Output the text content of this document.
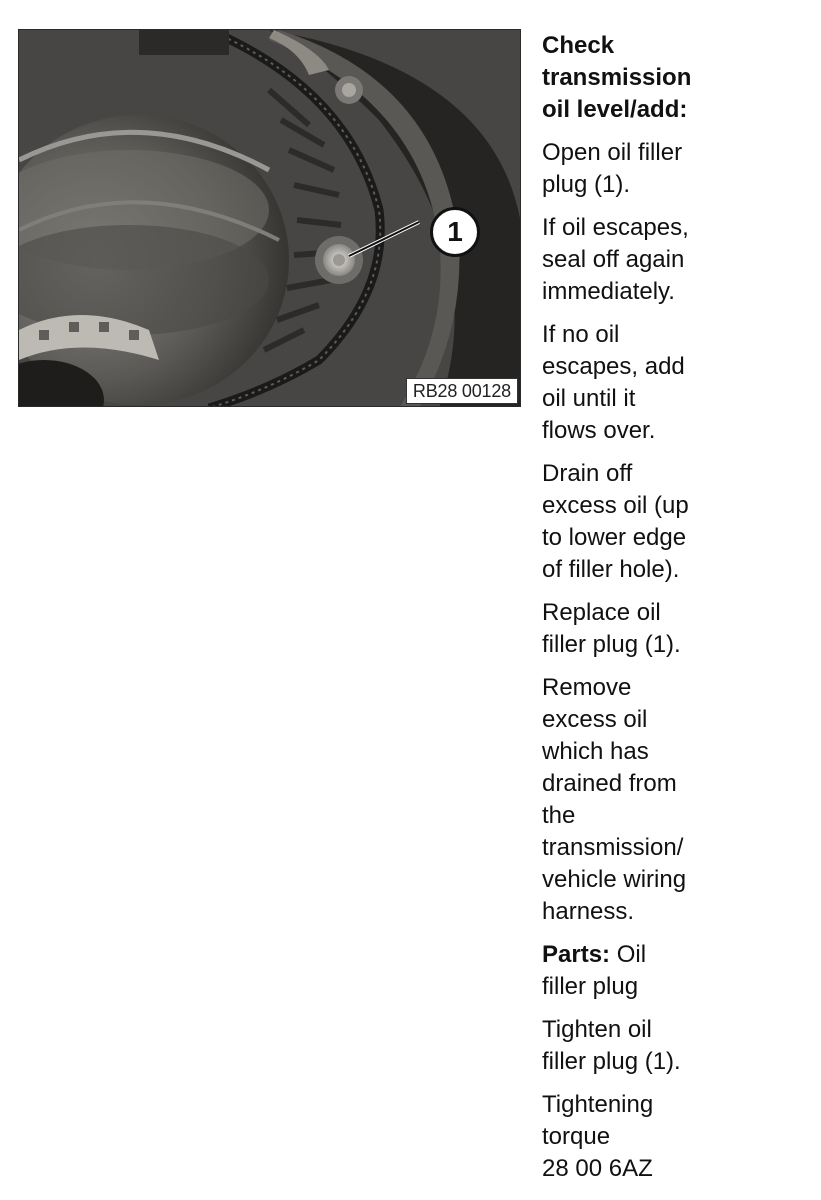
1
RB28 00128
Check
transmission
oil level/add:
Open oil filler
plug (1).
If oil escapes,
seal off again
immediately.
If no oil
escapes, add
oil until it
flows over.
Drain off
excess oil (up
to lower edge
of filler hole).
Replace oil
filler plug (1).
Remove
excess oil
which has
drained from
the
transmission/
vehicle wiring
harness.
Parts: Oil
filler plug
Tighten oil
filler plug (1).
Tightening
torque
28 00 6AZ
